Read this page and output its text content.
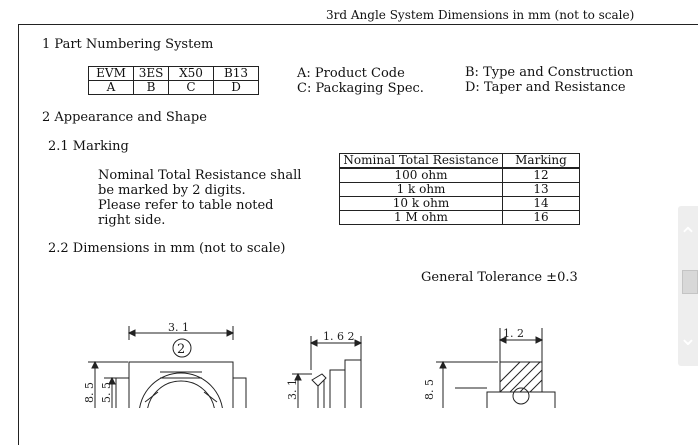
3rd Angle System Dimensions in mm (not to scale)
1 Part Numbering System
EVM	3ES	X50	B13
A	B	C	D
A: Product Code
C: Packaging Spec.
B: Type and Construction
D: Taper and Resistance
2 Appearance and Shape
2.1 Marking
Nominal Total Resistance shall
be marked by 2 digits.
Please refer to table noted
right side.
Nominal Total Resistance	Marking
100 ohm	12
1 k ohm	13
10 k ohm	14
1 M ohm	16
2.2 Dimensions in mm (not to scale)
General Tolerance ±0.3
3. 1
2
1. 6 2	1. 2
8. 5 5. 5	3. 1	8. 5
⌃
⌄
